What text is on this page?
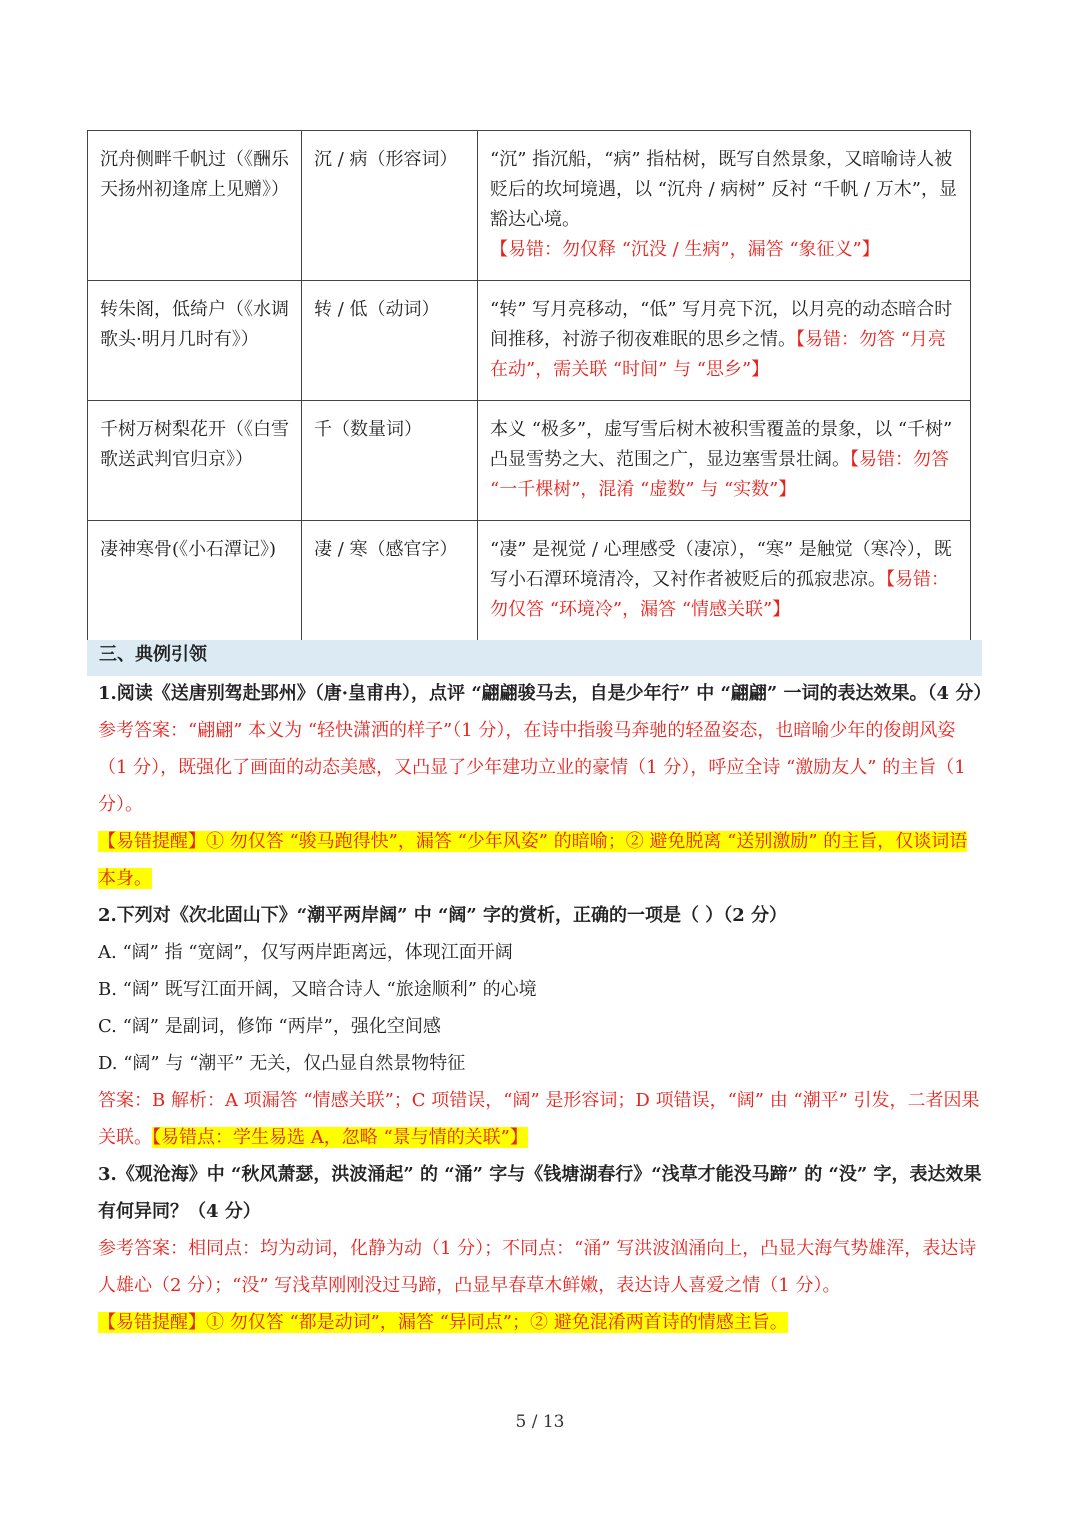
沉舟侧畔千帆过（《酬乐天扬州初逢席上见赠》）	沉 / 病（形容词）	“沉” 指沉船，“病” 指枯树，既写自然景象，又暗喻诗人被贬后的坎坷境遇，以 “沉舟 / 病树” 反衬 “千帆 / 万木”，显豁达心境。【易错：勿仅释 “沉没 / 生病”，漏答 “象征义”】
转朱阁，低绮户（《水调歌头·明月几时有》）	转 / 低（动词）	“转” 写月亮移动，“低” 写月亮下沉，以月亮的动态暗合时间推移，衬游子彻夜难眠的思乡之情。【易错：勿答 “月亮在动”，需关联 “时间” 与 “思乡”】
千树万树梨花开（《白雪歌送武判官归京》）	千（数量词）	本义 “极多”，虚写雪后树木被积雪覆盖的景象，以 “千树” 凸显雪势之大、范围之广，显边塞雪景壮阔。【易错：勿答 “一千棵树”，混淆 “虚数” 与 “实数”】
凄神寒骨(《小石潭记》)	凄 / 寒（感官字）	“凄” 是视觉 / 心理感受（凄凉），“寒” 是触觉（寒冷），既写小石潭环境清冷，又衬作者被贬后的孤寂悲凉。【易错：勿仅答 “环境冷”，漏答 “情感关联”】
三、典例引领

1.阅读《送唐别驾赴郢州》（唐·皇甫冉），点评 “翩翩骏马去，自是少年行” 中 “翩翩” 一词的表达效果。（4 分）

参考答案：“翩翩” 本义为 “轻快潇洒的样子”（1 分），在诗中指骏马奔驰的轻盈姿态，也暗喻少年的俊朗风姿（1 分），既强化了画面的动态美感，又凸显了少年建功立业的豪情（1 分），呼应全诗 “激励友人” 的主旨（1 分）。

【易错提醒】① 勿仅答 “骏马跑得快”，漏答 “少年风姿” 的暗喻；② 避免脱离 “送别激励” 的主旨，仅谈词语本身。

2.下列对《次北固山下》“潮平两岸阔” 中 “阔” 字的赏析，正确的一项是（ ）（2 分）

A. “阔” 指 “宽阔”，仅写两岸距离远，体现江面开阔

B. “阔” 既写江面开阔，又暗合诗人 “旅途顺利” 的心境

C. “阔” 是副词，修饰 “两岸”，强化空间感

D. “阔” 与 “潮平” 无关，仅凸显自然景物特征

答案：B 解析：A 项漏答 “情感关联”；C 项错误，“阔” 是形容词；D 项错误，“阔” 由 “潮平” 引发，二者因果关联。【易错点：学生易选 A，忽略 “景与情的关联”】

3.《观沧海》中 “秋风萧瑟，洪波涌起” 的 “涌” 字与《钱塘湖春行》“浅草才能没马蹄” 的 “没” 字，表达效果有何异同？（4 分）

参考答案：相同点：均为动词，化静为动（1 分）；不同点：“涌” 写洪波汹涌向上，凸显大海气势雄浑，表达诗人雄心（2 分）；“没” 写浅草刚刚没过马蹄，凸显早春草木鲜嫩，表达诗人喜爱之情（1 分）。

【易错提醒】① 勿仅答 “都是动词”，漏答 “异同点”；② 避免混淆两首诗的情感主旨。

5 / 13
